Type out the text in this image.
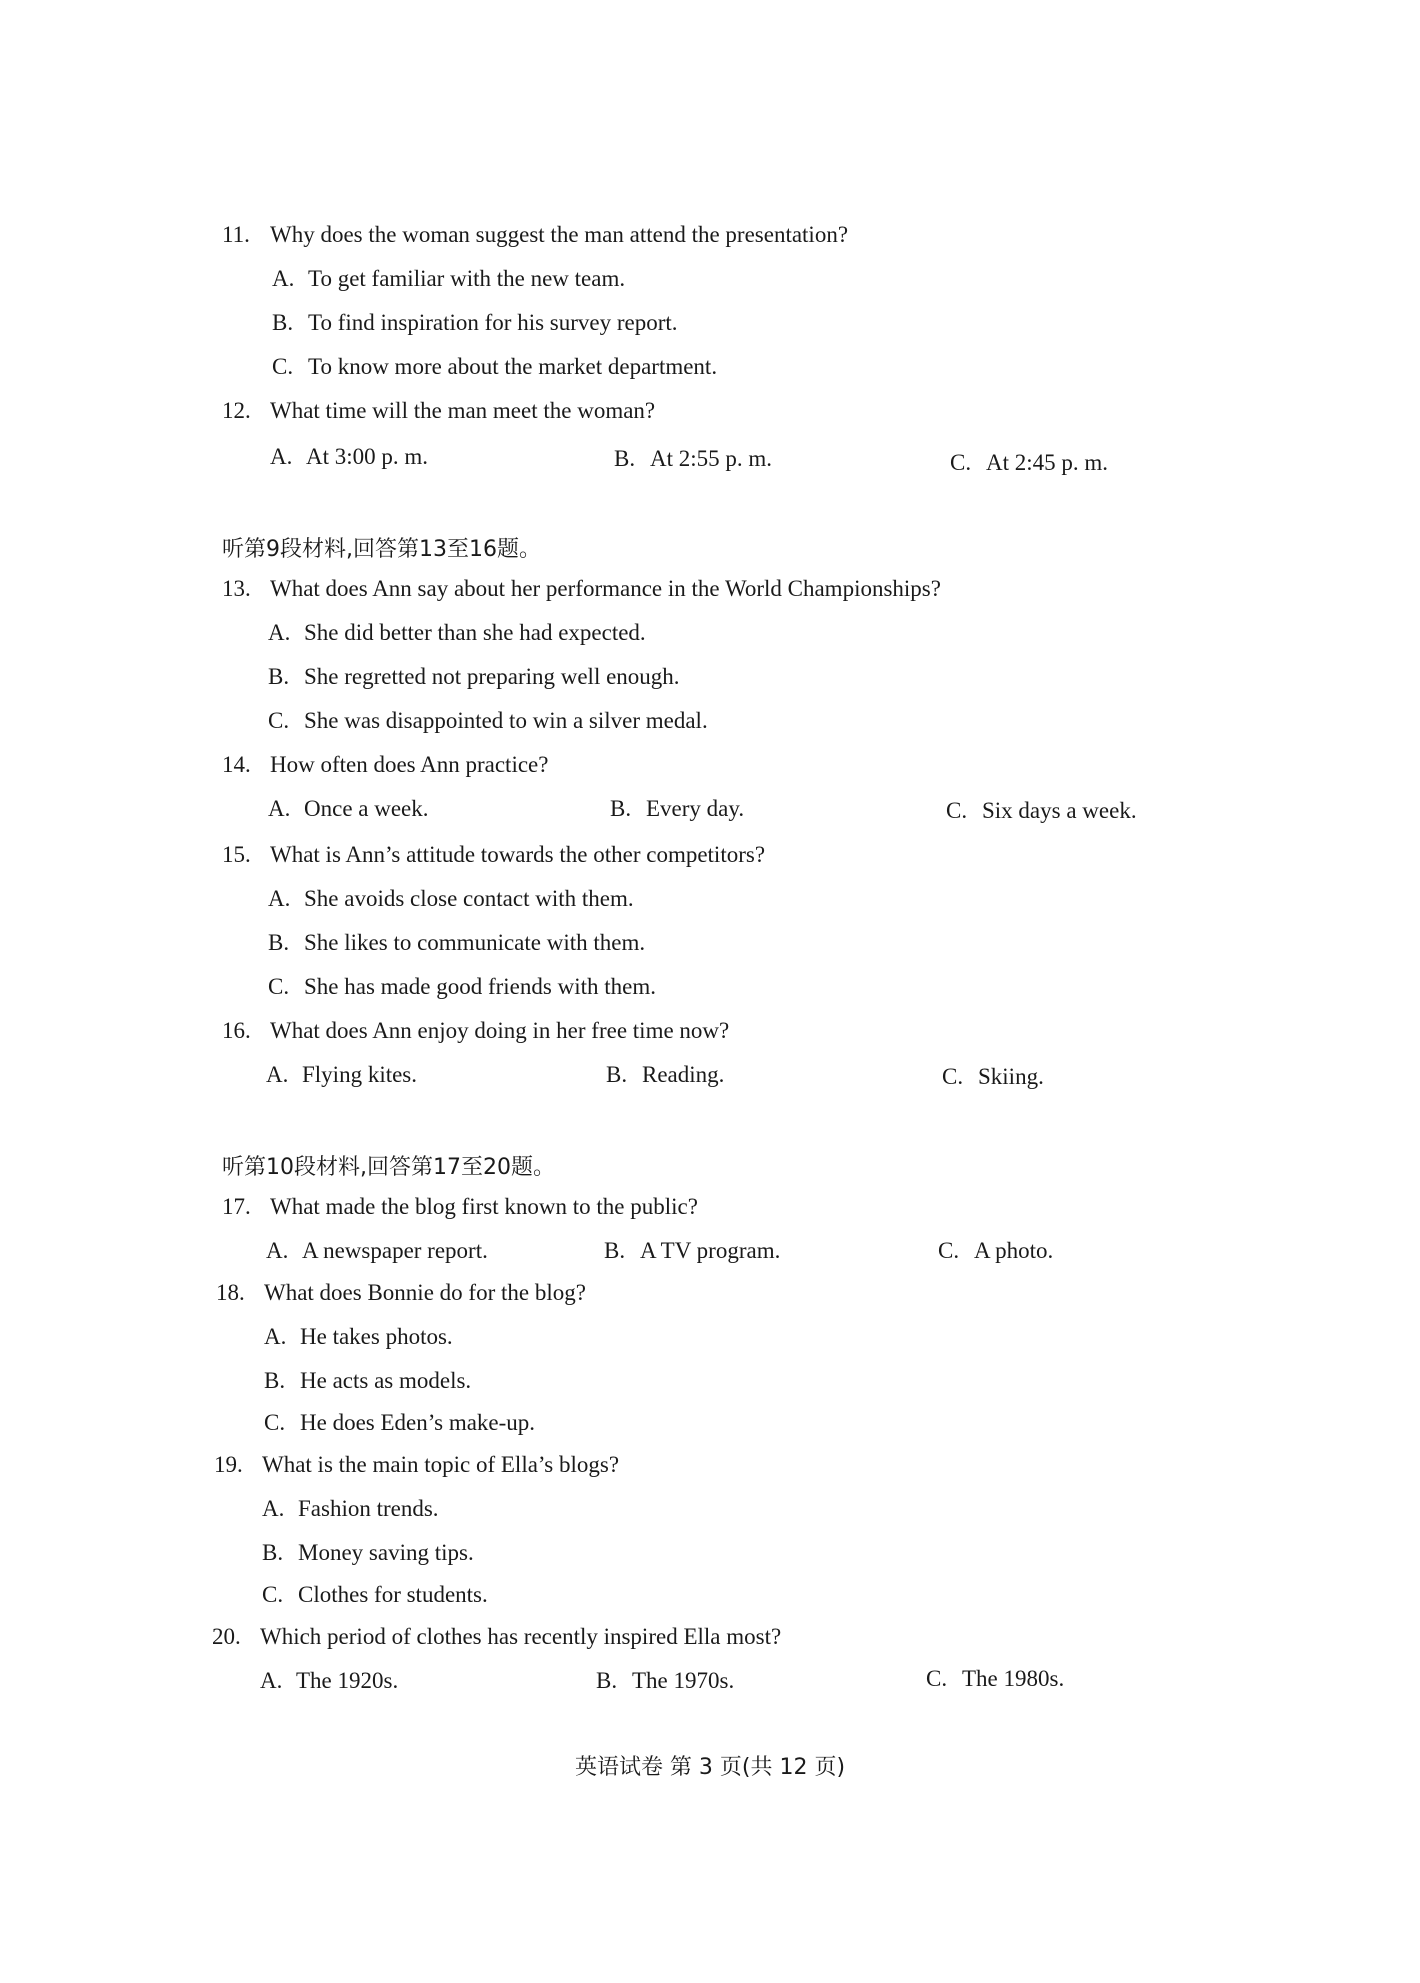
11. Why does the woman suggest the man attend the presentation?
A. To get familiar with the new team.
B. To find inspiration for his survey report.
C. To know more about the market department.
12. What time will the man meet the woman?
A. At 3:00 p. m.	B. At 2:55 p. m.	C. At 2:45 p. m.
听第9段材料,回答第13至16题。
13. What does Ann say about her performance in the World Championships?
A. She did better than she had expected.
B. She regretted not preparing well enough.
C. She was disappointed to win a silver medal.
14. How often does Ann practice?
A. Once a week.	B. Every day.	C. Six days a week.
15. What is Ann’s attitude towards the other competitors?
A. She avoids close contact with them.
B. She likes to communicate with them.
C. She has made good friends with them.
16. What does Ann enjoy doing in her free time now?
A. Flying kites.	B. Reading.	C. Skiing.
听第10段材料,回答第17至20题。
17. What made the blog first known to the public?
A. A newspaper report.	B. A TV program.	C. A photo.
18. What does Bonnie do for the blog?
A. He takes photos.
B. He acts as models.
C. He does Eden’s make-up.
19. What is the main topic of Ella’s blogs?
A. Fashion trends.
B. Money saving tips.
C. Clothes for students.
20. Which period of clothes has recently inspired Ella most?
A. The 1920s.	B. The 1970s.	C. The 1980s.
英语试卷 第 3 页(共 12 页)
